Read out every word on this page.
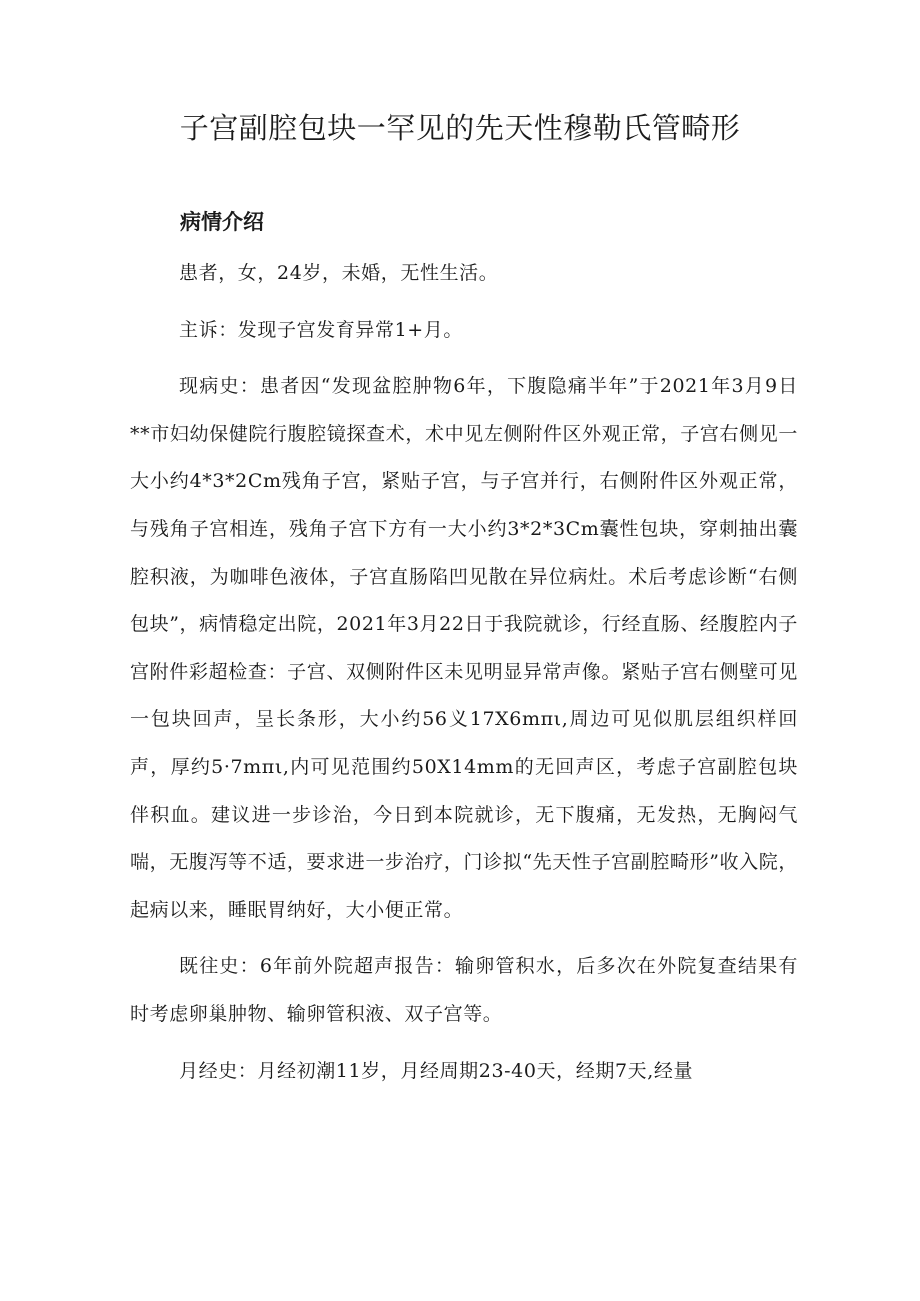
子宫副腔包块一罕见的先天性穆勒氏管畸形
病情介绍

患者，女，24岁，未婚，无性生活。

主诉：发现子宫发育异常1+月。

现病史：患者因“发现盆腔肿物6年，下腹隐痛半年”于2021年3月9日**市妇幼保健院行腹腔镜探查术，术中见左侧附件区外观正常，子宫右侧见一大小约4*3*2Cm残角子宫，紧贴子宫，与子宫并行，右侧附件区外观正常，与残角子宫相连，残角子宫下方有一大小约3*2*3Cm囊性包块，穿刺抽出囊腔积液，为咖啡色液体，子宫直肠陷凹见散在异位病灶。术后考虑诊断“右侧包块”，病情稳定出院，2021年3月22日于我院就诊，行经直肠、经腹腔内子宫附件彩超检查：子宫、双侧附件区未见明显异常声像。紧贴子宫右侧壁可见一包块回声，呈长条形，大小约56义17X6mπι,周边可见似肌层组织样回声，厚约5·7mπι,内可见范围约50X14mm的无回声区，考虑子宫副腔包块伴积血。建议进一步诊治，今日到本院就诊，无下腹痛，无发热，无胸闷气喘，无腹泻等不适，要求进一步治疗，门诊拟“先天性子宫副腔畸形”收入院，起病以来，睡眠胃纳好，大小便正常。

既往史：6年前外院超声报告：输卵管积水，后多次在外院复查结果有时考虑卵巢肿物、输卵管积液、双子宫等。

月经史：月经初潮11岁，月经周期23-40天，经期7天,经量
